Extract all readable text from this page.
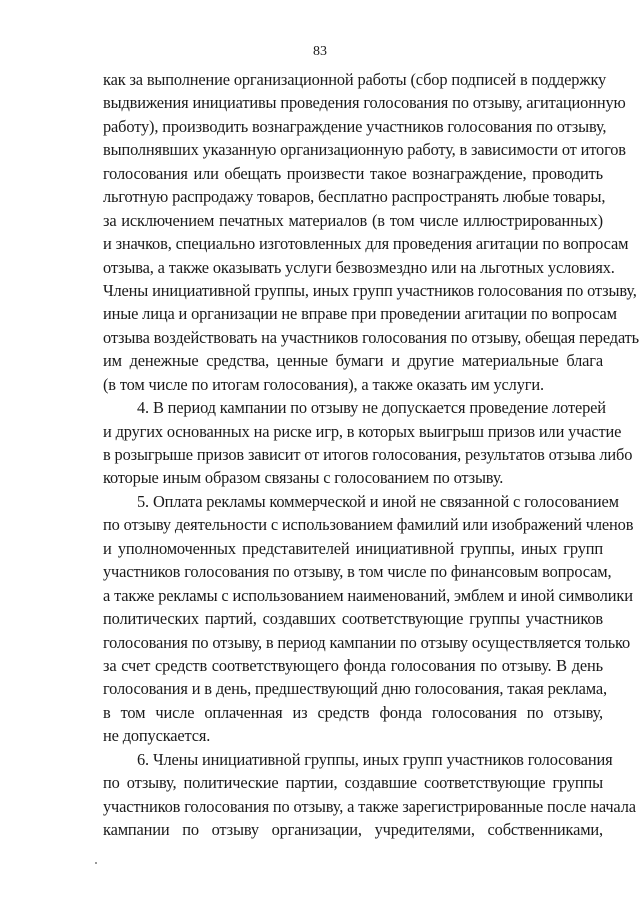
83
как за выполнение организационной работы (сбор подписей в поддержку
выдвижения инициативы проведения голосования по отзыву, агитационную
работу), производить вознаграждение участников голосования по отзыву,
выполнявших указанную организационную работу, в зависимости от итогов
голосования или обещать произвести такое вознаграждение, проводить
льготную распродажу товаров, бесплатно распространять любые товары,
за исключением печатных материалов (в том числе иллюстрированных)
и значков, специально изготовленных для проведения агитации по вопросам
отзыва, а также оказывать услуги безвозмездно или на льготных условиях.
Члены инициативной группы, иных групп участников голосования по отзыву,
иные лица и организации не вправе при проведении агитации по вопросам
отзыва воздействовать на участников голосования по отзыву, обещая передать
им денежные средства, ценные бумаги и другие материальные блага
(в том числе по итогам голосования), а также оказать им услуги.
4. В период кампании по отзыву не допускается проведение лотерей
и других основанных на риске игр, в которых выигрыш призов или участие
в розыгрыше призов зависит от итогов голосования, результатов отзыва либо
которые иным образом связаны с голосованием по отзыву.
5. Оплата рекламы коммерческой и иной не связанной с голосованием
по отзыву деятельности с использованием фамилий или изображений членов
и уполномоченных представителей инициативной группы, иных групп
участников голосования по отзыву, в том числе по финансовым вопросам,
а также рекламы с использованием наименований, эмблем и иной символики
политических партий, создавших соответствующие группы участников
голосования по отзыву, в период кампании по отзыву осуществляется только
за счет средств соответствующего фонда голосования по отзыву. В день
голосования и в день, предшествующий дню голосования, такая реклама,
в том числе оплаченная из средств фонда голосования по отзыву,
не допускается.
6. Члены инициативной группы, иных групп участников голосования
по отзыву, политические партии, создавшие соответствующие группы
участников голосования по отзыву, а также зарегистрированные после начала
кампании по отзыву организации, учредителями, собственниками,
